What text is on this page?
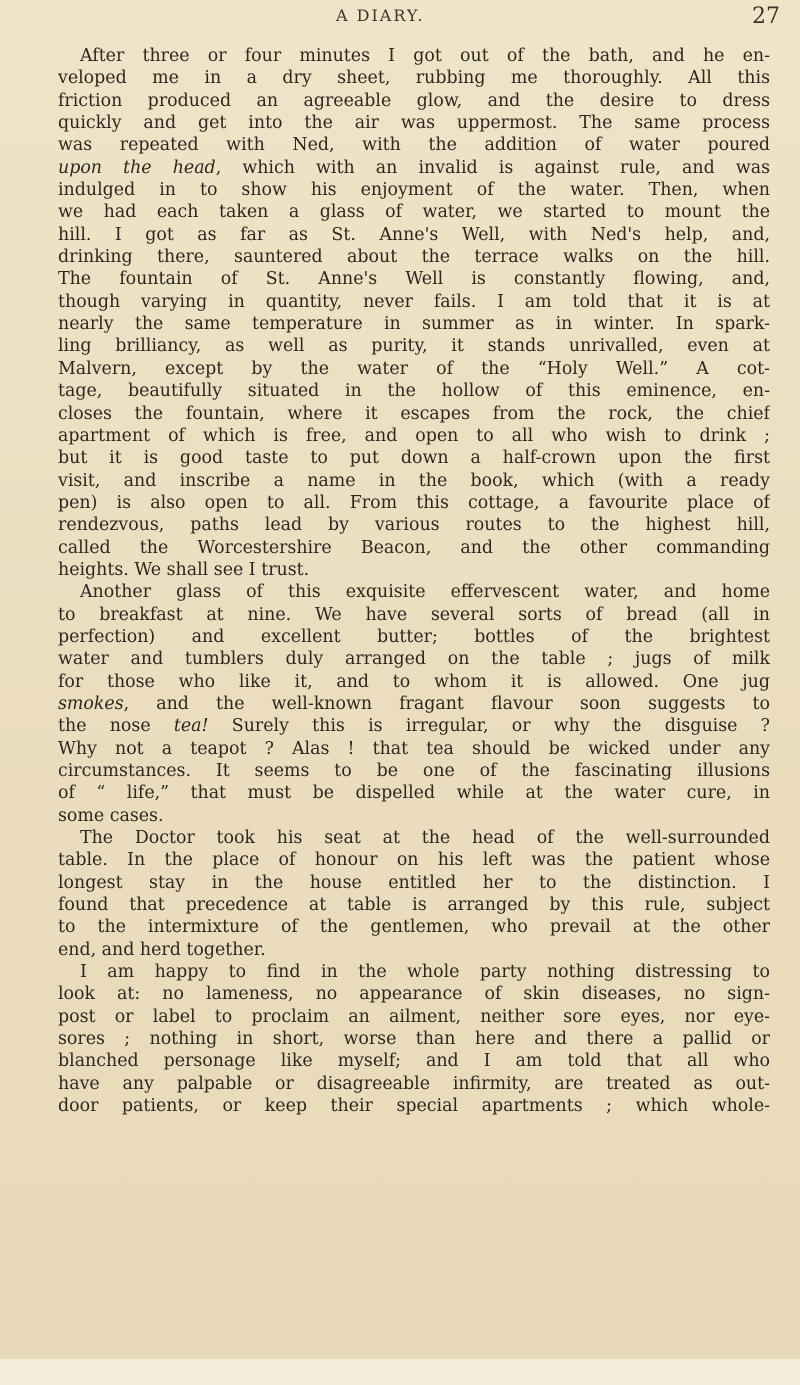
A DIARY.	27
After three or four minutes I got out of the bath, and he en-
veloped me in a dry sheet, rubbing me thoroughly. All this
friction produced an agreeable glow, and the desire to dress
quickly and get into the air was uppermost. The same process
was repeated with Ned, with the addition of water poured
upon the head, which with an invalid is against rule, and was
indulged in to show his enjoyment of the water. Then, when
we had each taken a glass of water, we started to mount the
hill. I got as far as St. Anne's Well, with Ned's help, and,
drinking there, sauntered about the terrace walks on the hill.
The fountain of St. Anne's Well is constantly flowing, and,
though varying in quantity, never fails. I am told that it is at
nearly the same temperature in summer as in winter. In spark-
ling brilliancy, as well as purity, it stands unrivalled, even at
Malvern, except by the water of the “Holy Well.” A cot-
tage, beautifully situated in the hollow of this eminence, en-
closes the fountain, where it escapes from the rock, the chief
apartment of which is free, and open to all who wish to drink ;
but it is good taste to put down a half-crown upon the first
visit, and inscribe a name in the book, which (with a ready
pen) is also open to all. From this cottage, a favourite place of
rendezvous, paths lead by various routes to the highest hill,
called the Worcestershire Beacon, and the other commanding
heights. We shall see I trust.
Another glass of this exquisite effervescent water, and home
to breakfast at nine. We have several sorts of bread (all in
perfection) and excellent butter; bottles of the brightest
water and tumblers duly arranged on the table ; jugs of milk
for those who like it, and to whom it is allowed. One jug
smokes, and the well-known fragant flavour soon suggests to
the nose tea! Surely this is irregular, or why the disguise ?
Why not a teapot ? Alas ! that tea should be wicked under any
circumstances. It seems to be one of the fascinating illusions
of “ life,” that must be dispelled while at the water cure, in
some cases.
The Doctor took his seat at the head of the well-surrounded
table. In the place of honour on his left was the patient whose
longest stay in the house entitled her to the distinction. I
found that precedence at table is arranged by this rule, subject
to the intermixture of the gentlemen, who prevail at the other
end, and herd together.
I am happy to find in the whole party nothing distressing to
look at: no lameness, no appearance of skin diseases, no sign-
post or label to proclaim an ailment, neither sore eyes, nor eye-
sores ; nothing in short, worse than here and there a pallid or
blanched personage like myself; and I am told that all who
have any palpable or disagreeable infirmity, are treated as out-
door patients, or keep their special apartments ; which whole-
